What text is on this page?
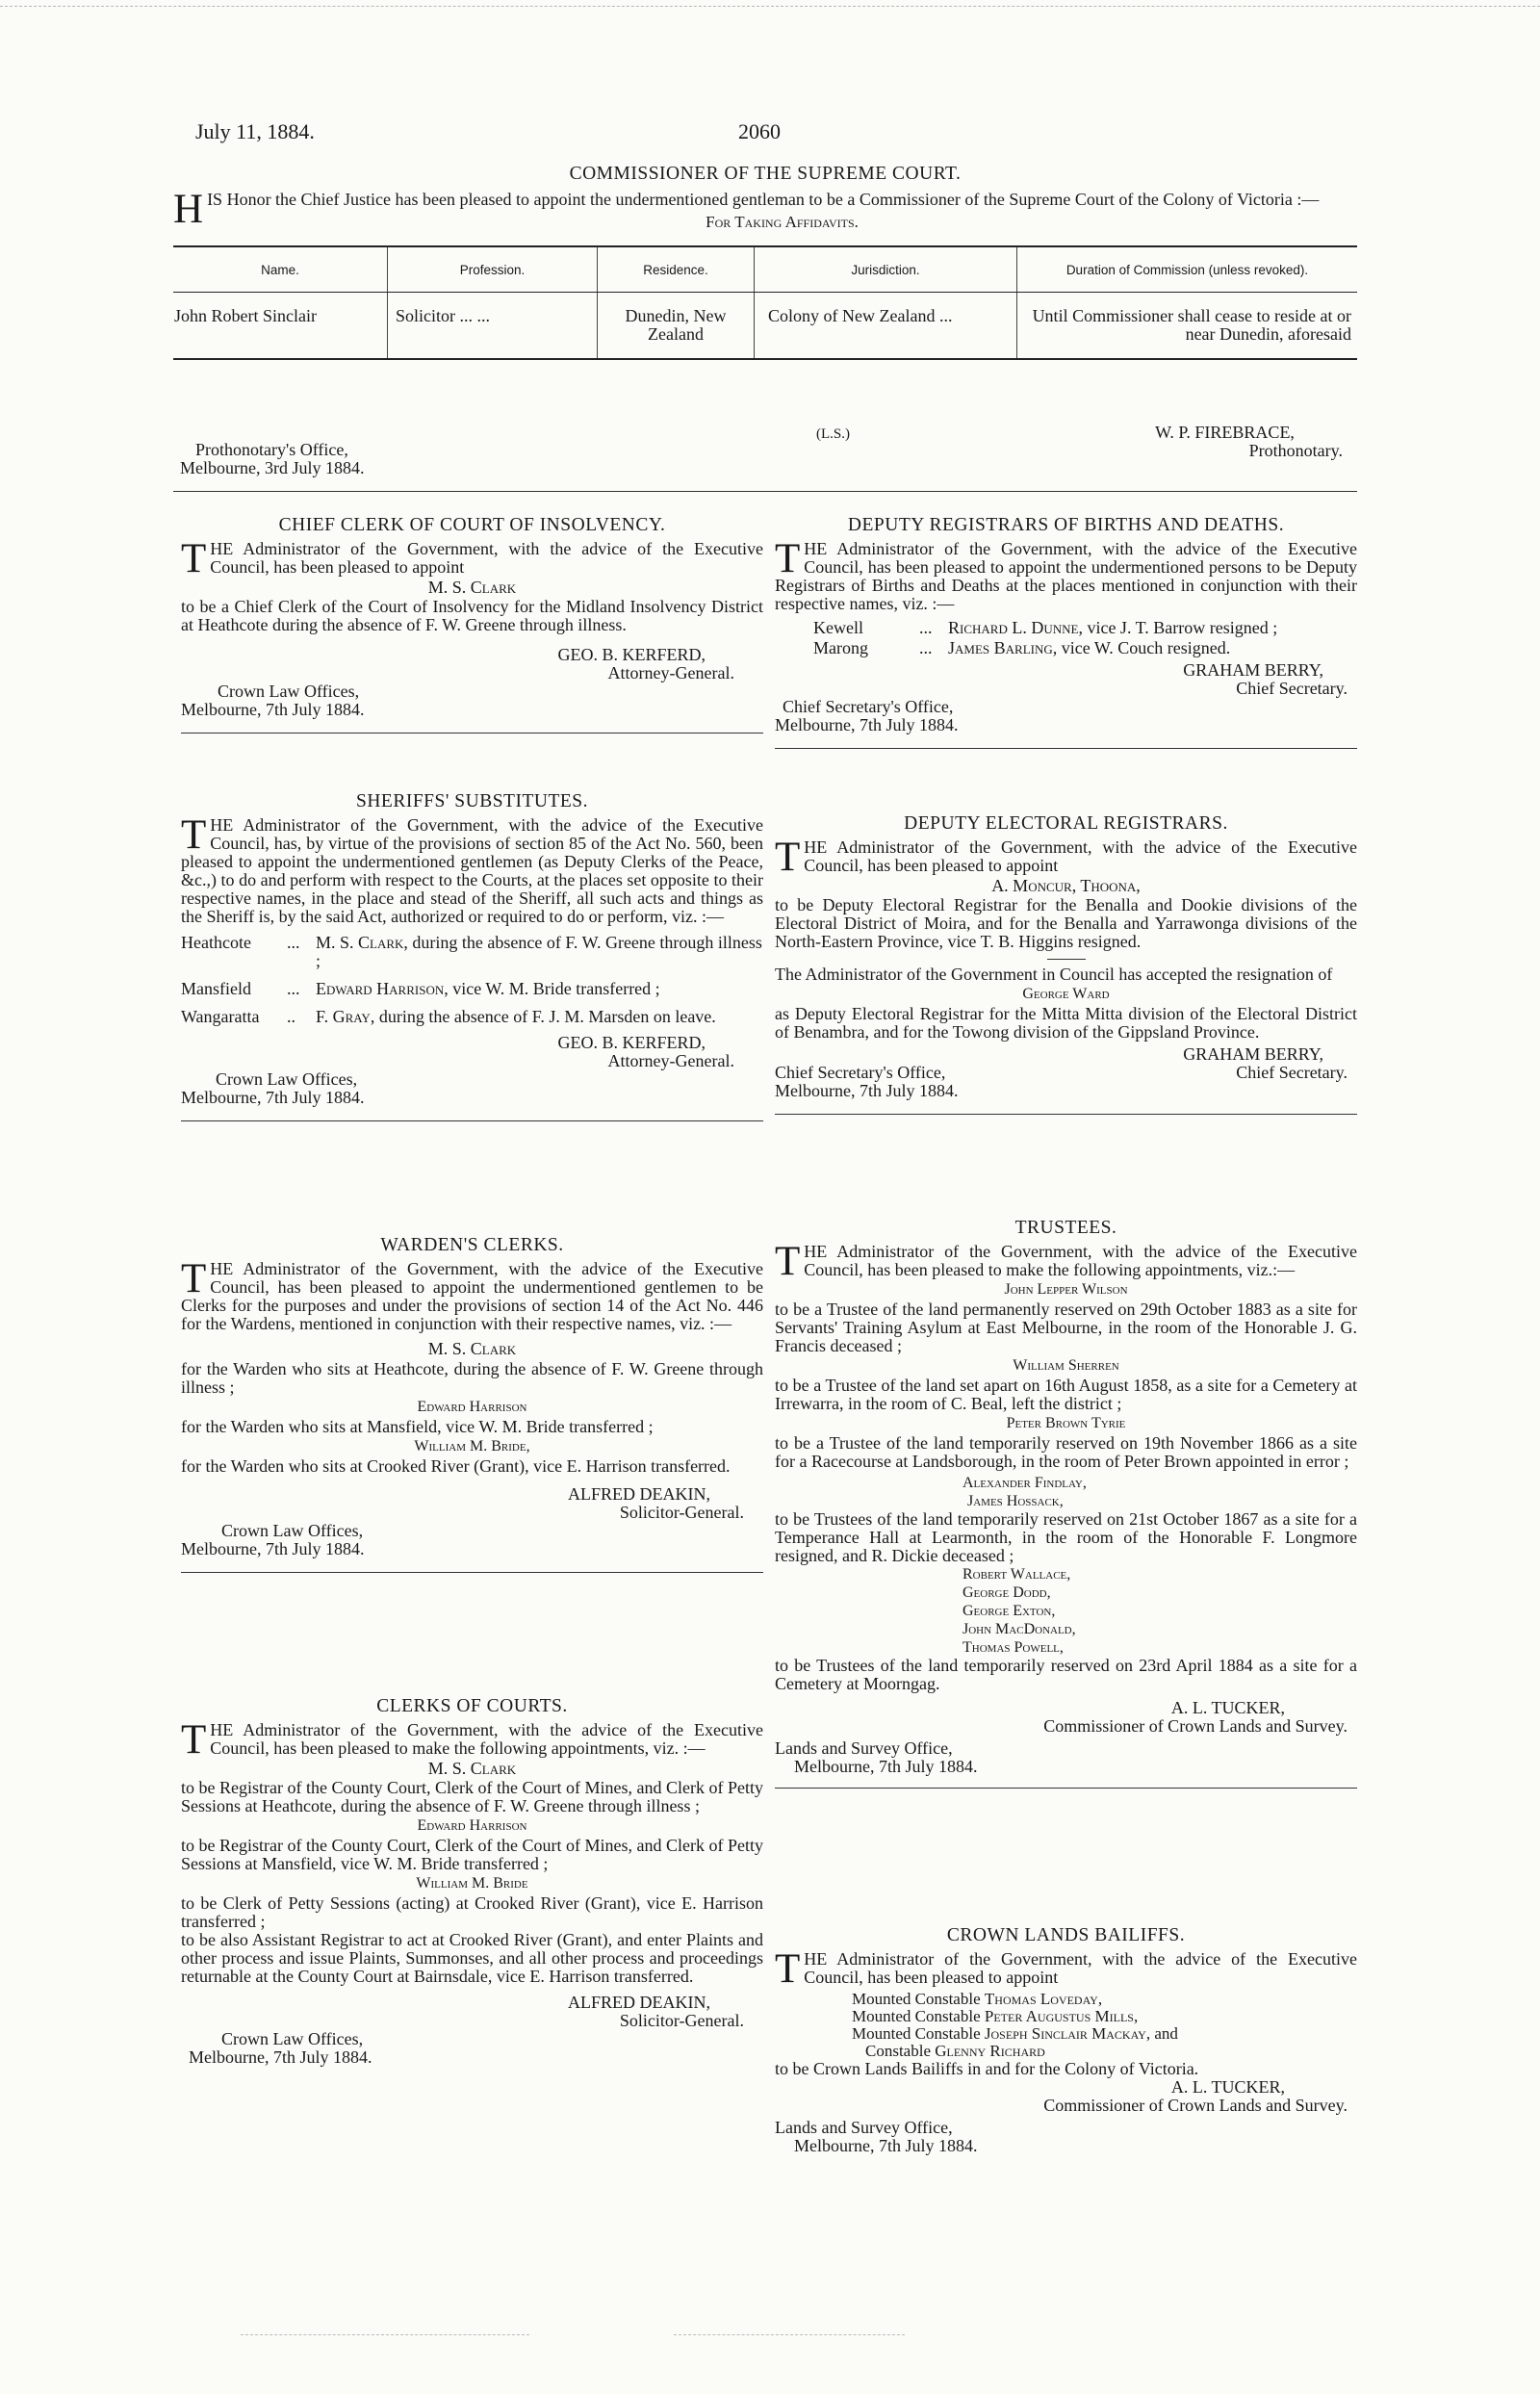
July 11, 1884.	2060
COMMISSIONER OF THE SUPREME COURT.

HIS Honor the Chief Justice has been pleased to appoint the undermentioned gentleman to be a Commissioner of the Supreme Court of the Colony of Victoria :—

For Taking Affidavits.
Name.	Profession.	Residence.	Jurisdiction.	Duration of Commission (unless revoked).
John Robert Sinclair	Solicitor ... ...	Dunedin, New Zealand	Colony of New Zealand ...	Until Commissioner shall cease to reside at or near Dunedin, aforesaid
(L.S.)	W. P. FIREBRACE,
Prothonotary.
Prothonotary's Office,
Melbourne, 3rd July 1884.
CHIEF CLERK OF COURT OF INSOLVENCY.

THE Administrator of the Government, with the advice of the Executive Council, has been pleased to appoint

M. S. Clark

to be a Chief Clerk of the Court of Insolvency for the Midland Insolvency District at Heathcote during the absence of F. W. Greene through illness.

GEO. B. KERFERD,
Attorney-General.
Crown Law Offices,
Melbourne, 7th July 1884.
SHERIFFS' SUBSTITUTES.

THE Administrator of the Government, with the advice of the Executive Council, has, by virtue of the provisions of section 85 of the Act No. 560, been pleased to appoint the undermentioned gentlemen (as Deputy Clerks of the Peace, &c.,) to do and perform with respect to the Courts, at the places set opposite to their respective names, in the place and stead of the Sheriff, all such acts and things as the Sheriff is, by the said Act, authorized or required to do or perform, viz. :—

Heathcote	... M. S. Clark, during the absence of F. W. Greene through illness ;
Mansfield	... Edward Harrison, vice W. M. Bride transferred ;
Wangaratta	..	F. Gray, during the absence of F. J. M. Marsden on leave.
GEO. B. KERFERD,
Attorney-General.
Crown Law Offices,
Melbourne, 7th July 1884.
WARDEN'S CLERKS.

THE Administrator of the Government, with the advice of the Executive Council, has been pleased to appoint the undermentioned gentlemen to be Clerks for the purposes and under the provisions of section 14 of the Act No. 446 for the Wardens, mentioned in conjunction with their respective names, viz. :—

M. S. Clark

for the Warden who sits at Heathcote, during the absence of F. W. Greene through illness ;

Edward Harrison

for the Warden who sits at Mansfield, vice W. M. Bride transferred ;

William M. Bride,

for the Warden who sits at Crooked River (Grant), vice E. Harrison transferred.

ALFRED DEAKIN,
Solicitor-General.
Crown Law Offices,
Melbourne, 7th July 1884.
CLERKS OF COURTS.

THE Administrator of the Government, with the advice of the Executive Council, has been pleased to make the following appointments, viz. :—

M. S. Clark

to be Registrar of the County Court, Clerk of the Court of Mines, and Clerk of Petty Sessions at Heathcote, during the absence of F. W. Greene through illness ;

Edward Harrison

to be Registrar of the County Court, Clerk of the Court of Mines, and Clerk of Petty Sessions at Mansfield, vice W. M. Bride transferred ;

William M. Bride

to be Clerk of Petty Sessions (acting) at Crooked River (Grant), vice E. Harrison transferred ;

to be also Assistant Registrar to act at Crooked River (Grant), and enter Plaints and other process and issue Plaints, Summonses, and all other process and proceedings returnable at the County Court at Bairnsdale, vice E. Harrison transferred.

ALFRED DEAKIN,
Solicitor-General.
Crown Law Offices,
Melbourne, 7th July 1884.
DEPUTY REGISTRARS OF BIRTHS AND DEATHS.

THE Administrator of the Government, with the advice of the Executive Council, has been pleased to appoint the undermentioned persons to be Deputy Registrars of Births and Deaths at the places mentioned in conjunction with their respective names, viz. :—

Kewell	... Richard L. Dunne, vice J. T. Barrow resigned ;
Marong	... James Barling, vice W. Couch resigned.
GRAHAM BERRY,
Chief Secretary.
Chief Secretary's Office,
Melbourne, 7th July 1884.
DEPUTY ELECTORAL REGISTRARS.

THE Administrator of the Government, with the advice of the Executive Council, has been pleased to appoint

A. Moncur, Thoona,

to be Deputy Electoral Registrar for the Benalla and Dookie divisions of the Electoral District of Moira, and for the Benalla and Yarrawonga divisions of the North-Eastern Province, vice T. B. Higgins resigned.

The Administrator of the Government in Council has accepted the resignation of

George Ward

as Deputy Electoral Registrar for the Mitta Mitta division of the Electoral District of Benambra, and for the Towong division of the Gippsland Province.

GRAHAM BERRY,
Chief Secretary.
Chief Secretary's Office,
Melbourne, 7th July 1884.
TRUSTEES.

THE Administrator of the Government, with the advice of the Executive Council, has been pleased to make the following appointments, viz.:—

John Lepper Wilson

to be a Trustee of the land permanently reserved on 29th October 1883 as a site for Servants' Training Asylum at East Melbourne, in the room of the Honorable J. G. Francis deceased ;

William Sherren

to be a Trustee of the land set apart on 16th August 1858, as a site for a Cemetery at Irrewarra, in the room of C. Beal, left the district ;

Peter Brown Tyrie

to be a Trustee of the land temporarily reserved on 19th November 1866 as a site for a Racecourse at Landsborough, in the room of Peter Brown appointed in error ;

Alexander Findlay,
James Hossack,

to be Trustees of the land temporarily reserved on 21st October 1867 as a site for a Temperance Hall at Learmonth, in the room of the Honorable F. Longmore resigned, and R. Dickie deceased ;

Robert Wallace,
George Dodd,
George Exton,
John MacDonald,
Thomas Powell,

to be Trustees of the land temporarily reserved on 23rd April 1884 as a site for a Cemetery at Moorngag.

A. L. TUCKER,
Commissioner of Crown Lands and Survey.
Lands and Survey Office,
Melbourne, 7th July 1884.
CROWN LANDS BAILIFFS.

THE Administrator of the Government, with the advice of the Executive Council, has been pleased to appoint

Mounted Constable Thomas Loveday,
Mounted Constable Peter Augustus Mills,
Mounted Constable Joseph Sinclair Mackay, and
Constable Glenny Richard

to be Crown Lands Bailiffs in and for the Colony of Victoria.

A. L. TUCKER,
Commissioner of Crown Lands and Survey.
Lands and Survey Office,
Melbourne, 7th July 1884.
